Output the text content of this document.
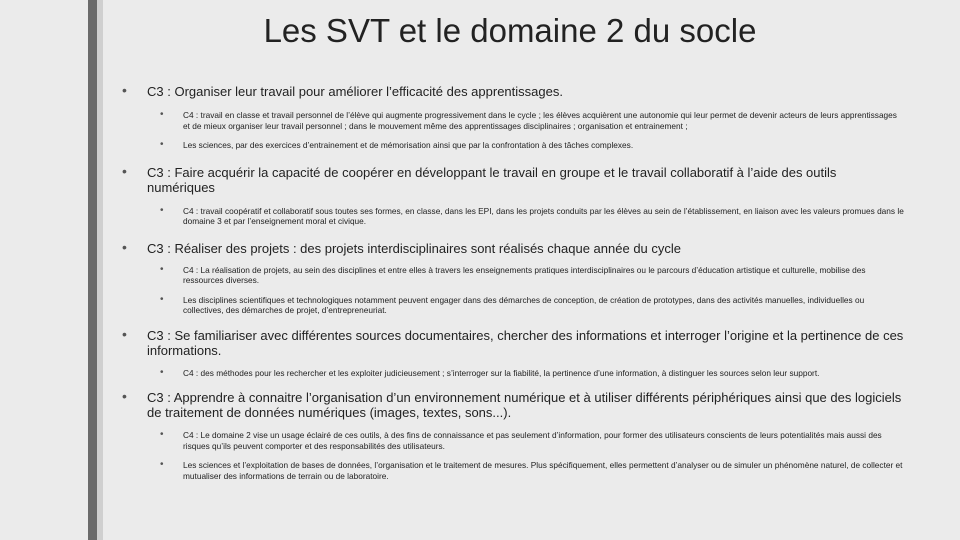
Les SVT et le domaine 2 du socle
• C3 : Organiser leur travail pour améliorer l’efficacité des apprentissages.
• C4 : travail en classe et travail personnel de l’élève qui augmente progressivement dans le cycle ; les élèves acquièrent une autonomie qui leur permet de devenir acteurs de leurs apprentissages et de mieux organiser leur travail personnel ; dans le mouvement même des apprentissages disciplinaires ; organisation et entrainement ;
• Les sciences, par des exercices d’entrainement et de mémorisation ainsi que par la confrontation à des tâches complexes.
• C3 : Faire acquérir la capacité de coopérer en développant le travail en groupe et le travail collaboratif à l’aide des outils numériques
• C4 : travail coopératif et collaboratif sous toutes ses formes, en classe, dans les EPI, dans les projets conduits par les élèves au sein de l’établissement, en liaison avec les valeurs promues dans le domaine 3 et par l’enseignement moral et civique.
• C3 : Réaliser des projets : des projets interdisciplinaires sont réalisés chaque année du cycle
• C4 : La réalisation de projets, au sein des disciplines et entre elles à travers les enseignements pratiques interdisciplinaires ou le parcours d’éducation artistique et culturelle, mobilise des ressources diverses.
• Les disciplines scientifiques et technologiques notamment peuvent engager dans des démarches de conception, de création de prototypes, dans des activités manuelles, individuelles ou collectives, des démarches de projet, d’entrepreneuriat.
• C3 : Se familiariser avec différentes sources documentaires, chercher des informations et interroger l’origine et la pertinence de ces informations.
• C4 : des méthodes pour les rechercher et les exploiter judicieusement ; s’interroger sur la fiabilité, la pertinence d’une information, à distinguer les sources selon leur support.
• C3 : Apprendre à connaitre l’organisation d’un environnement numérique et à utiliser différents périphériques ainsi que des logiciels de traitement de données numériques (images, textes, sons...).
• C4 : Le domaine 2 vise un usage éclairé de ces outils, à des fins de connaissance et pas seulement d’information, pour former des utilisateurs conscients de leurs potentialités mais aussi des risques qu’ils peuvent comporter et des responsabilités des utilisateurs.
• Les sciences et l’exploitation de bases de données, l’organisation et le traitement de mesures. Plus spécifiquement, elles permettent d’analyser ou de simuler un phénomène naturel, de collecter et mutualiser des informations de terrain ou de laboratoire.
